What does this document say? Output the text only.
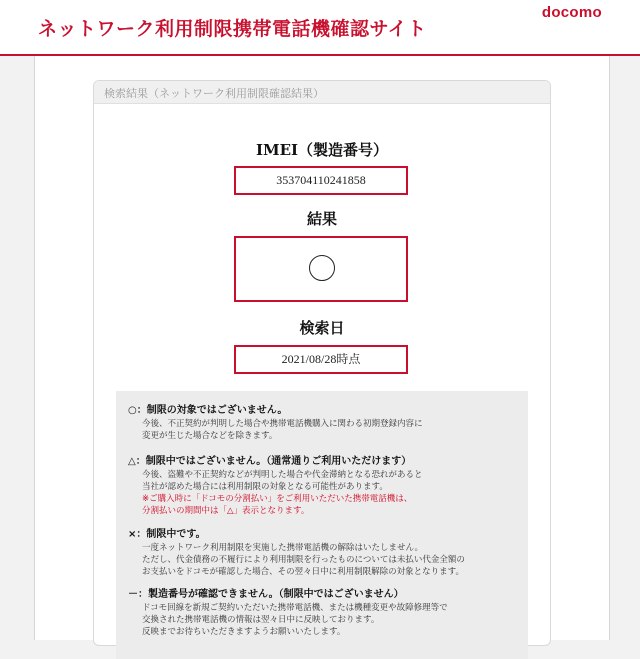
ネットワーク利用制限携帯電話機確認サイト
docomo
検索結果（ネットワーク利用制限確認結果）
IMEI（製造番号）
353704110241858
結果
検索日
2021/08/28時点
○：制限の対象ではございません。
今後、不正契約が判明した場合や携帯電話機購入に関わる初期登録内容に
変更が生じた場合などを除きます。
△：制限中ではございません。（通常通りご利用いただけます）
今後、盗難や不正契約などが判明した場合や代金滞納となる恐れがあると
当社が認めた場合には利用制限の対象となる可能性があります。
※ご購入時に「ドコモの分割払い」をご利用いただいた携帯電話機は、
分割払いの期間中は「△」表示となります。
×：制限中です。
一度ネットワーク利用制限を実施した携帯電話機の解除はいたしません。
ただし、代金債務の不履行により利用制限を行ったものについては未払い代金全額の
お支払いをドコモが確認した場合、その翌々日中に利用制限解除の対象となります。
－：製造番号が確認できません。（制限中ではございません）
ドコモ回線を新規ご契約いただいた携帯電話機、または機種変更や故障修理等で
交換された携帯電話機の情報は翌々日中に反映しております。
反映までお待ちいただきますようお願いいたします。
